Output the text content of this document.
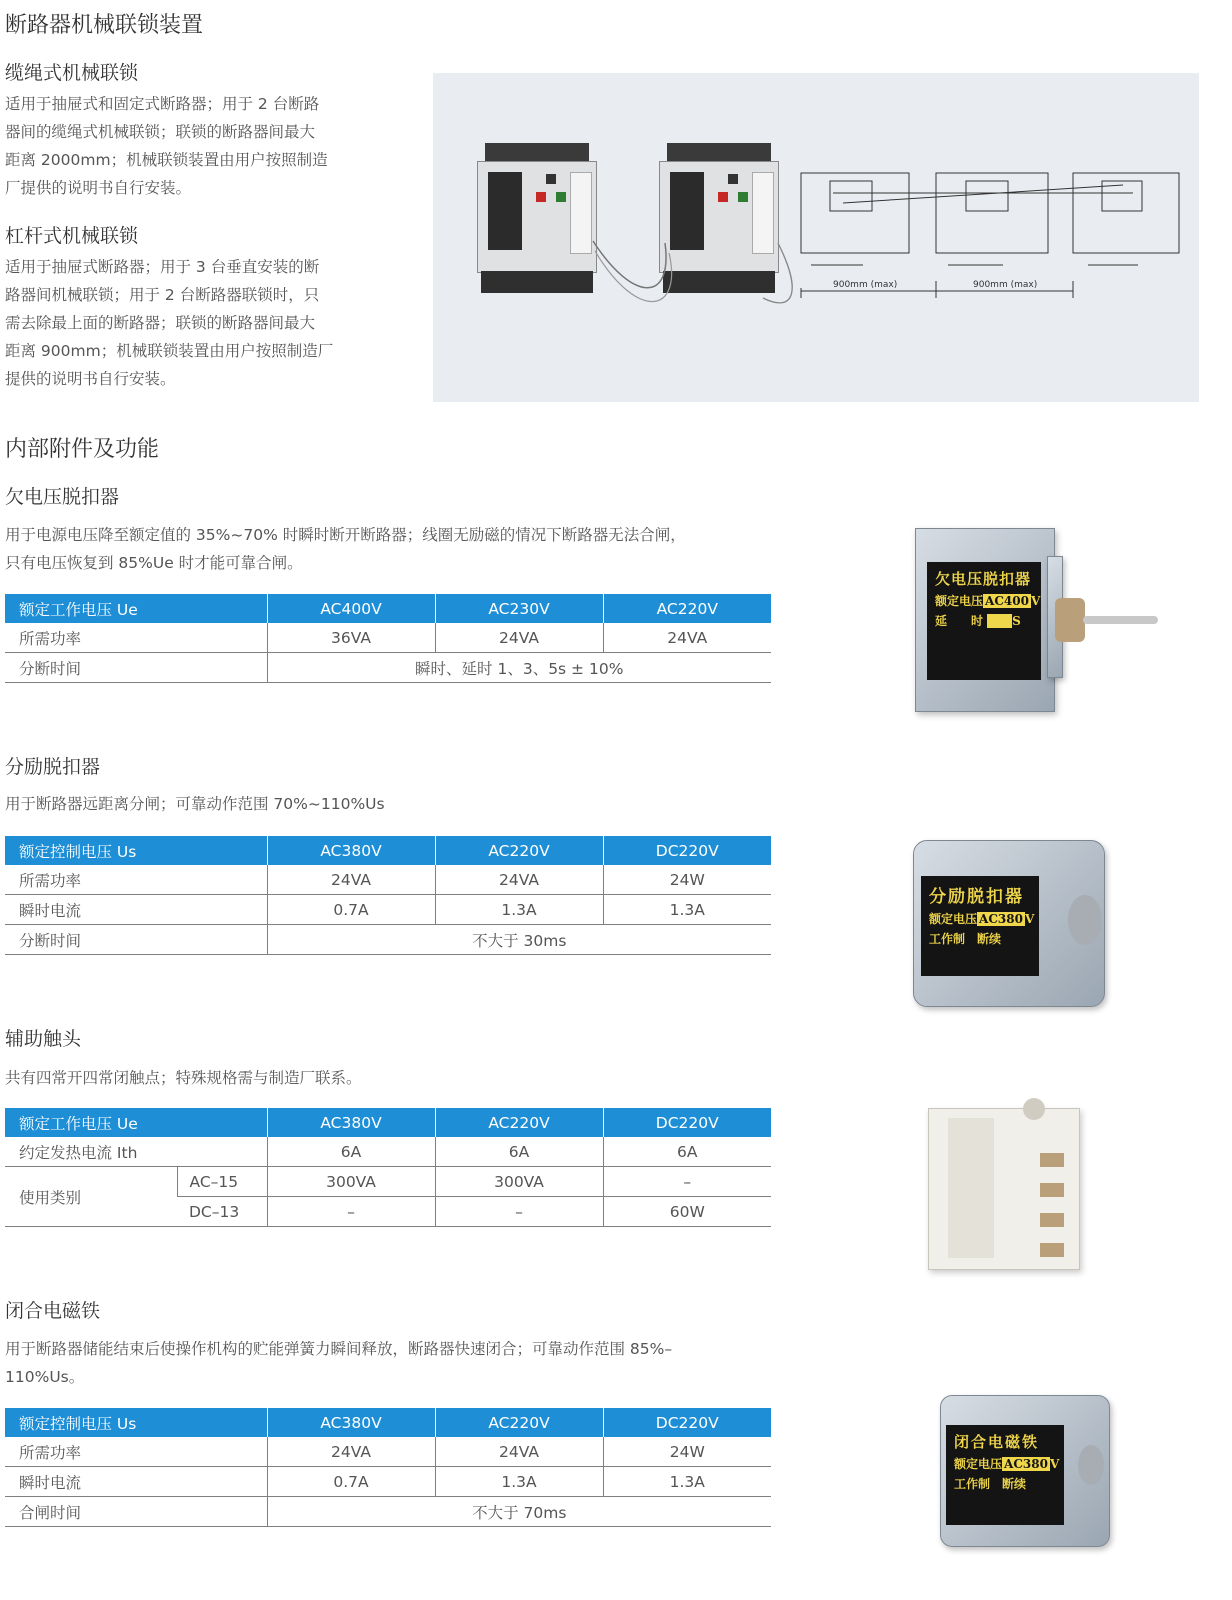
断路器机械联锁装置
缆绳式机械联锁
适用于抽屉式和固定式断路器；用于 2 台断路
器间的缆绳式机械联锁；联锁的断路器间最大
距离 2000mm；机械联锁装置由用户按照制造
厂提供的说明书自行安装。
杠杆式机械联锁
适用于抽屉式断路器；用于 3 台垂直安装的断
路器间机械联锁；用于 2 台断路器联锁时，只
需去除最上面的断路器；联锁的断路器间最大
距离 900mm；机械联锁装置由用户按照制造厂
提供的说明书自行安装。
900mm (max)	900mm (max)
内部附件及功能
欠电压脱扣器
用于电源电压降至额定值的 35%~70% 时瞬时断开断路器；线圈无励磁的情况下断路器无法合闸，
只有电压恢复到 85%Ue 时才能可靠合闸。
额定工作电压 Ue	AC400V	AC230V	AC220V
所需功率	36VA	24VA	24VA
分断时间	瞬时、延时 1、3、5s ± 10%		
欠电压脱扣器
额定电压 AC400 V
延　　时 S
分励脱扣器
用于断路器远距离分闸；可靠动作范围 70%~110%Us
额定控制电压 Us	AC380V	AC220V	DC220V
所需功率	24VA	24VA	24W
瞬时电流	0.7A	1.3A	1.3A
分断时间	不大于 30ms		
分励脱扣器
额定电压 AC380 V
工作制　断续
辅助触头
共有四常开四常闭触点；特殊规格需与制造厂联系。
额定工作电压 Ue		AC380V	AC220V	DC220V
约定发热电流 Ith		6A	6A	6A
使用类别	AC–15	300VA	300VA	–
	DC–13	–	–	60W
闭合电磁铁
用于断路器储能结束后使操作机构的贮能弹簧力瞬间释放，断路器快速闭合；可靠动作范围 85%–
110%Us。
额定控制电压 Us	AC380V	AC220V	DC220V
所需功率	24VA	24VA	24W
瞬时电流	0.7A	1.3A	1.3A
合闸时间	不大于 70ms		
闭合电磁铁
额定电压 AC380 V
工作制　断续
